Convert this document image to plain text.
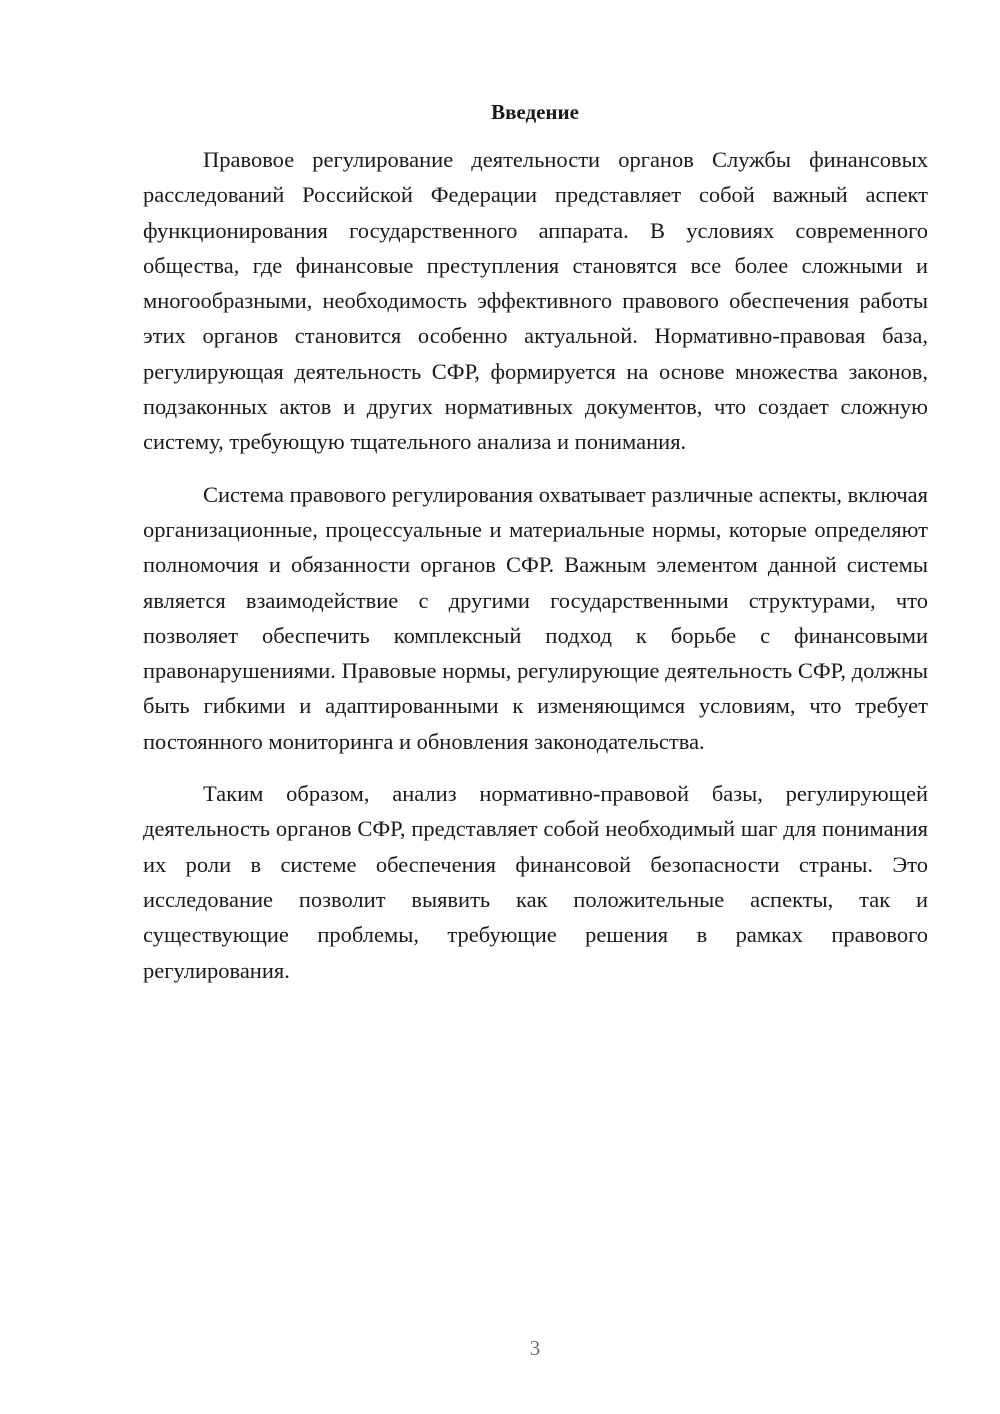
Введение

Правовое регулирование деятельности органов Службы финансовых расследований Российской Федерации представляет собой важный аспект функционирования государственного аппарата. В условиях современного общества, где финансовые преступления становятся все более сложными и многообразными, необходимость эффективного правового обеспечения работы этих органов становится особенно актуальной. Нормативно-правовая база, регулирующая деятельность СФР, формируется на основе множества законов, подзаконных актов и других нормативных документов, что создает сложную систему, требующую тщательного анализа и понимания.

Система правового регулирования охватывает различные аспекты, включая организационные, процессуальные и материальные нормы, которые определяют полномочия и обязанности органов СФР. Важным элементом данной системы является взаимодействие с другими государственными структурами, что позволяет обеспечить комплексный подход к борьбе с финансовыми правонарушениями. Правовые нормы, регулирующие деятельность СФР, должны быть гибкими и адаптированными к изменяющимся условиям, что требует постоянного мониторинга и обновления законодательства.

Таким образом, анализ нормативно-правовой базы, регулирующей деятельность органов СФР, представляет собой необходимый шаг для понимания их роли в системе обеспечения финансовой безопасности страны. Это исследование позволит выявить как положительные аспекты, так и существующие проблемы, требующие решения в рамках правового регулирования.

3
